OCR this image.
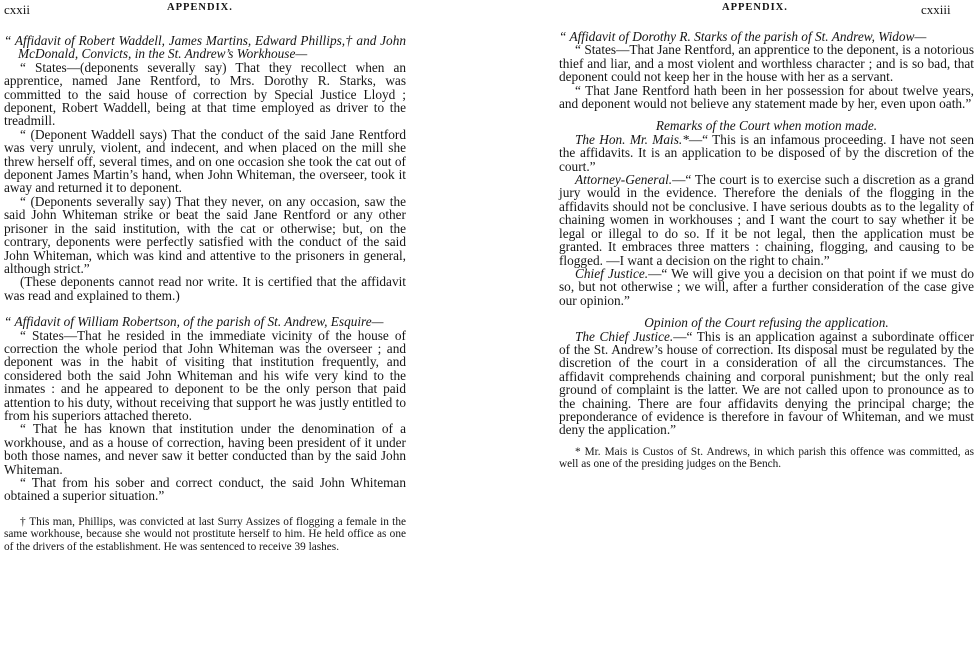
cxxii	APPENDIX.

“ Affidavit of Robert Waddell, James Martins, Edward Phillips,† and John McDonald, Convicts, in the St. Andrew’s Workhouse—

“ States—(deponents severally say) That they recollect when an apprentice, named Jane Rentford, to Mrs. Dorothy R. Starks, was committed to the said house of correction by Special Justice Lloyd ; deponent, Robert Waddell, being at that time employed as driver to the treadmill.

“ (Deponent Waddell says) That the conduct of the said Jane Rentford was very unruly, violent, and indecent, and when placed on the mill she threw herself off, several times, and on one occasion she took the cat out of deponent James Martin’s hand, when John Whiteman, the overseer, took it away and returned it to deponent.

“ (Deponents severally say) That they never, on any occasion, saw the said John Whiteman strike or beat the said Jane Rentford or any other prisoner in the said institution, with the cat or otherwise; but, on the contrary, deponents were perfectly satisfied with the conduct of the said John Whiteman, which was kind and attentive to the prisoners in general, although strict.”

(These deponents cannot read nor write. It is certified that the affidavit was read and explained to them.)

“ Affidavit of William Robertson, of the parish of St. Andrew, Esquire—

“ States—That he resided in the immediate vicinity of the house of correction the whole period that John Whiteman was the overseer ; and deponent was in the habit of visiting that institution frequently, and considered both the said John Whiteman and his wife very kind to the inmates : and he appeared to deponent to be the only person that paid attention to his duty, without receiving that support he was justly entitled to from his superiors attached thereto.

“ That he has known that institution under the denomination of a workhouse, and as a house of correction, having been president of it under both those names, and never saw it better conducted than by the said John Whiteman.

“ That from his sober and correct conduct, the said John Whiteman obtained a superior situation.”

† This man, Phillips, was convicted at last Surry Assizes of flogging a female in the same workhouse, because she would not prostitute herself to him. He held office as one of the drivers of the establishment. He was sentenced to receive 39 lashes.

APPENDIX.	cxxiii

“ Affidavit of Dorothy R. Starks of the parish of St. Andrew, Widow—

“ States—That Jane Rentford, an apprentice to the deponent, is a notorious thief and liar, and a most violent and worthless character ; and is so bad, that deponent could not keep her in the house with her as a servant.

“ That Jane Rentford hath been in her possession for about twelve years, and deponent would not believe any statement made by her, even upon oath.”

Remarks of the Court when motion made.

The Hon. Mr. Mais.*—“ This is an infamous proceeding. I have not seen the affidavits. It is an application to be disposed of by the discretion of the court.”

Attorney-General.—“ The court is to exercise such a discretion as a grand jury would in the evidence. Therefore the denials of the flogging in the affidavits should not be conclusive. I have serious doubts as to the legality of chaining women in workhouses ; and I want the court to say whether it be legal or illegal to do so. If it be not legal, then the application must be granted. It embraces three matters : chaining, flogging, and causing to be flogged. —I want a decision on the right to chain.”

Chief Justice.—“ We will give you a decision on that point if we must do so, but not otherwise ; we will, after a further consideration of the case give our opinion.”

Opinion of the Court refusing the application.

The Chief Justice.—“ This is an application against a subordinate officer of the St. Andrew’s house of correction. Its disposal must be regulated by the discretion of the court in a consideration of all the circumstances. The affidavit comprehends chaining and corporal punishment; but the only real ground of complaint is the latter. We are not called upon to pronounce as to the chaining. There are four affidavits denying the principal charge; the preponderance of evidence is therefore in favour of Whiteman, and we must deny the application.”

* Mr. Mais is Custos of St. Andrews, in which parish this offence was committed, as well as one of the presiding judges on the Bench.
